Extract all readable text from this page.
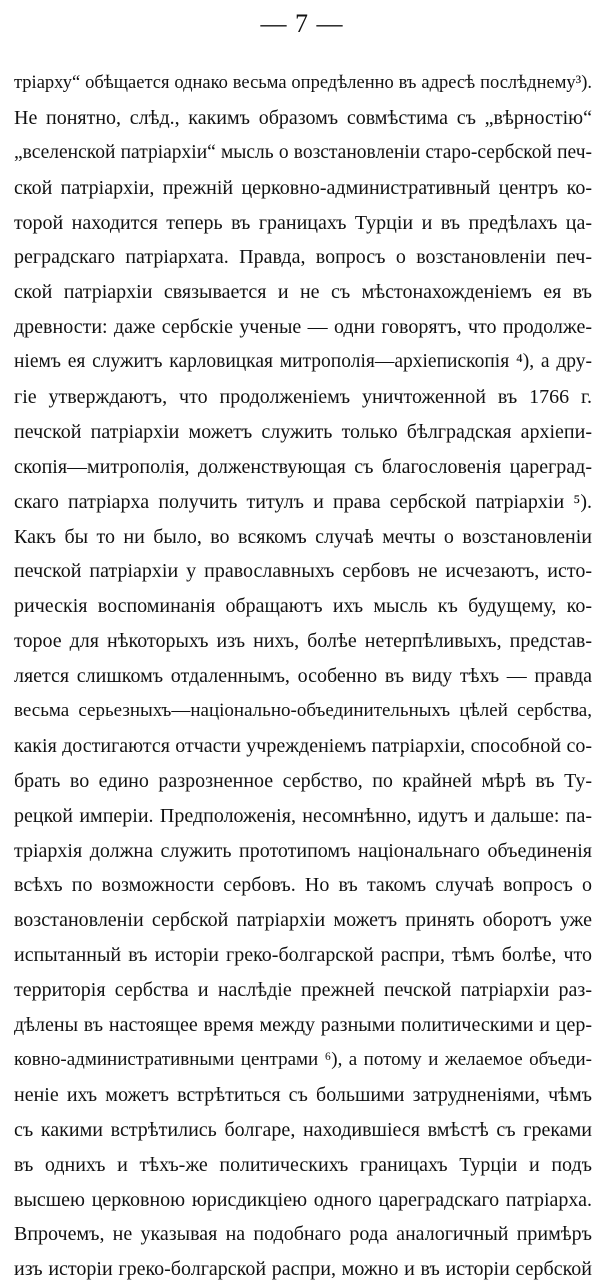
— 7 —
тріарху“ обѣщается однако весьма опредѣленно въ адресѣ послѣднему³).
Не понятно, слѣд., какимъ образомъ совмѣстима съ „вѣрностію“
„вселенской патріархіи“ мысль о возстановленіи старо-сербской печ-
ской патріархіи, прежній церковно-административный центръ ко-
торой находится теперь въ границахъ Турціи и въ предѣлахъ ца-
реградскаго патріархата. Правда, вопросъ о возстановленіи печ-
ской патріархіи связывается и не съ мѣстонахожденіемъ ея въ
древности: даже сербскіе ученые — одни говорятъ, что продолже-
ніемъ ея служитъ карловицкая митрополія—архіепископія ⁴), а дру-
гіе утверждаютъ, что продолженіемъ уничтоженной въ 1766 г.
печской патріархіи можетъ служить только бѣлградская архіепи-
скопія—митрополія, долженствующая съ благословенія цареград-
скаго патріарха получить титулъ и права сербской патріархіи ⁵).
Какъ бы то ни было, во всякомъ случаѣ мечты о возстановленіи
печской патріархіи у православныхъ сербовъ не исчезаютъ, исто-
рическія воспоминанія обращаютъ ихъ мысль къ будущему, ко-
торое для нѣкоторыхъ изъ нихъ, болѣе нетерпѣливыхъ, представ-
ляется слишкомъ отдаленнымъ, особенно въ виду тѣхъ — правда
весьма серьезныхъ—національно-объединительныхъ цѣлей сербства,
какія достигаются отчасти учрежденіемъ патріархіи, способной со-
брать во едино разрозненное сербство, по крайней мѣрѣ въ Ту-
рецкой имперіи. Предположенія, несомнѣнно, идутъ и дальше: па-
тріархія должна служить прототипомъ національнаго объединенія
всѣхъ по возможности сербовъ. Но въ такомъ случаѣ вопросъ о
возстановленіи сербской патріархіи можетъ принять оборотъ уже
испытанный въ исторіи греко-болгарской распри, тѣмъ болѣе, что
территорія сербства и наслѣдіе прежней печской патріархіи раз-
дѣлены въ настоящее время между разными политическими и цер-
ковно-административными центрами ⁶), а потому и желаемое объеди-
неніе ихъ можетъ встрѣтиться съ большими затрудненіями, чѣмъ
съ какими встрѣтились болгаре, находившіеся вмѣстѣ съ греками
въ однихъ и тѣхъ-же политическихъ границахъ Турціи и подъ
высшею церковною юрисдикціею одного цареградскаго патріарха.
Впрочемъ, не указывая на подобнаго рода аналогичный примѣръ
изъ исторіи греко-болгарской распри, можно и въ исторіи сербской
